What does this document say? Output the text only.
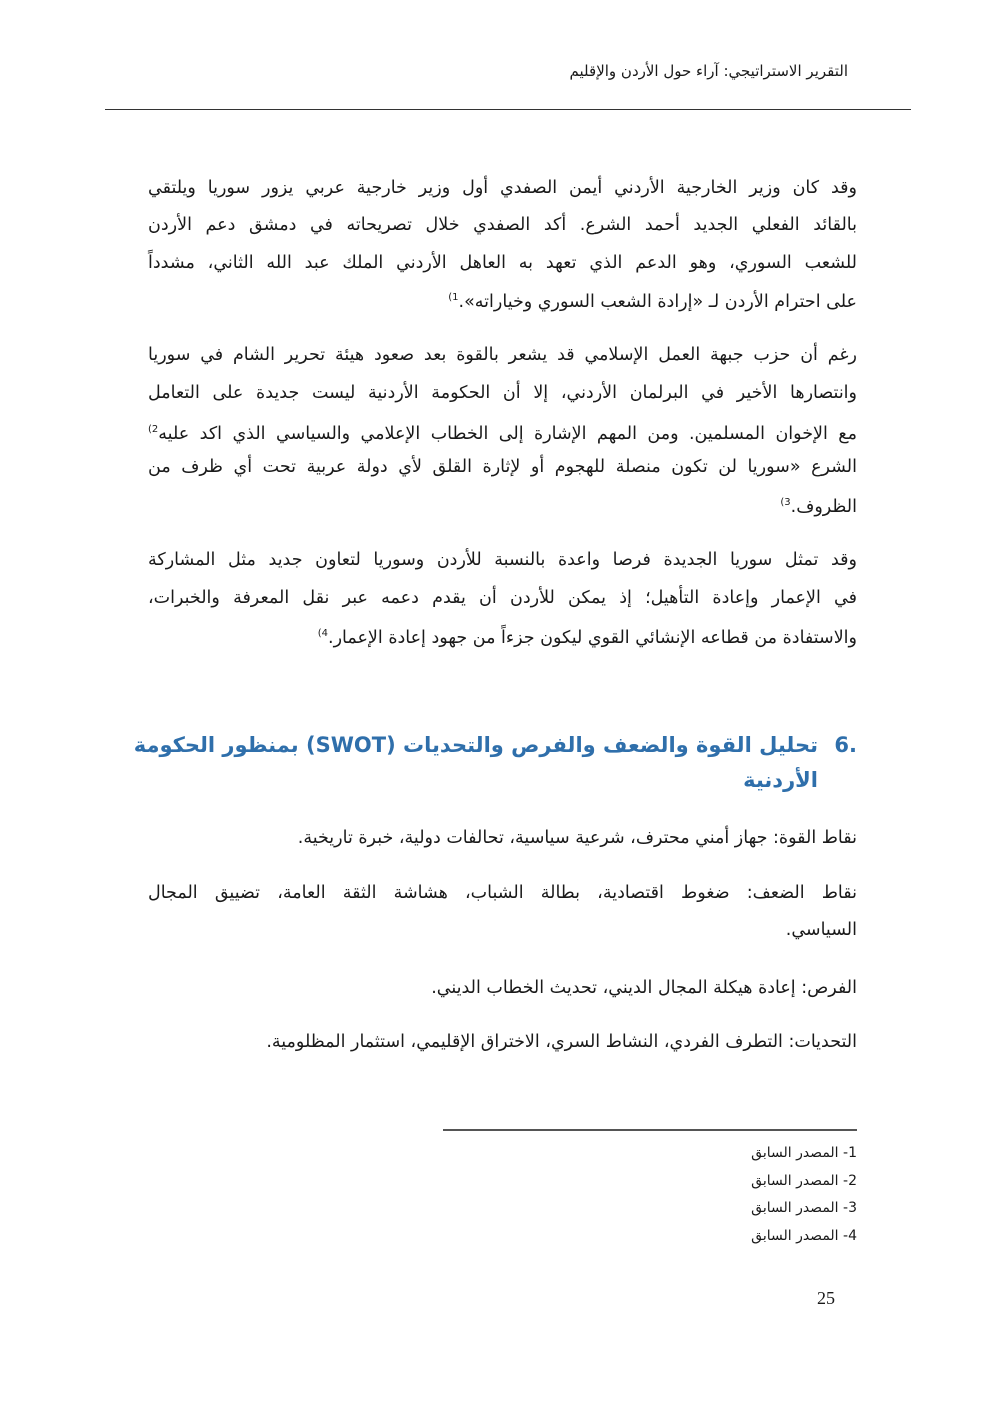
التقرير الاستراتيجي: آراء حول الأردن والإقليم
وقد كان وزير الخارجية الأردني أيمن الصفدي أول وزير خارجية عربي يزور سوريا ويلتقي
بالقائد الفعلي الجديد أحمد الشرع. أكد الصفدي خلال تصريحاته في دمشق دعم الأردن
للشعب السوري، وهو الدعم الذي تعهد به العاهل الأردني الملك عبد الله الثاني، مشدداً
على احترام الأردن لـ «إرادة الشعب السوري وخياراته».$^{1)}$
رغم أن حزب جبهة العمل الإسلامي قد يشعر بالقوة بعد صعود هيئة تحرير الشام في سوريا
وانتصارها الأخير في البرلمان الأردني، إلا أن الحكومة الأردنية ليست جديدة على التعامل
مع الإخوان المسلمين. ومن المهم الإشارة إلى الخطاب الإعلامي والسياسي الذي اكد عليه$^{2)}$
الشرع «سوريا لن تكون منصلة للهجوم أو لإثارة القلق لأي دولة عربية تحت أي ظرف من
الظروف.$^{3)}$
وقد تمثل سوريا الجديدة فرصا واعدة بالنسبة للأردن وسوريا لتعاون جديد مثل المشاركة
في الإعمار وإعادة التأهيل؛ إذ يمكن للأردن أن يقدم دعمه عبر نقل المعرفة والخبرات،
والاستفادة من قطاعه الإنشائي القوي ليكون جزءاً من جهود إعادة الإعمار.$^{4)}$
6.
تحليل القوة والضعف والفرص والتحديات (SWOT) بمنظور الحكومة
الأردنية
نقاط القوة: جهاز أمني محترف، شرعية سياسية، تحالفات دولية، خبرة تاريخية.
نقاط الضعف: ضغوط اقتصادية، بطالة الشباب، هشاشة الثقة العامة، تضييق المجال
السياسي.
الفرص: إعادة هيكلة المجال الديني، تحديث الخطاب الديني.
التحديات: التطرف الفردي، النشاط السري، الاختراق الإقليمي، استثمار المظلومية.
1- المصدر السابق
2- المصدر السابق
3- المصدر السابق
4- المصدر السابق
25
